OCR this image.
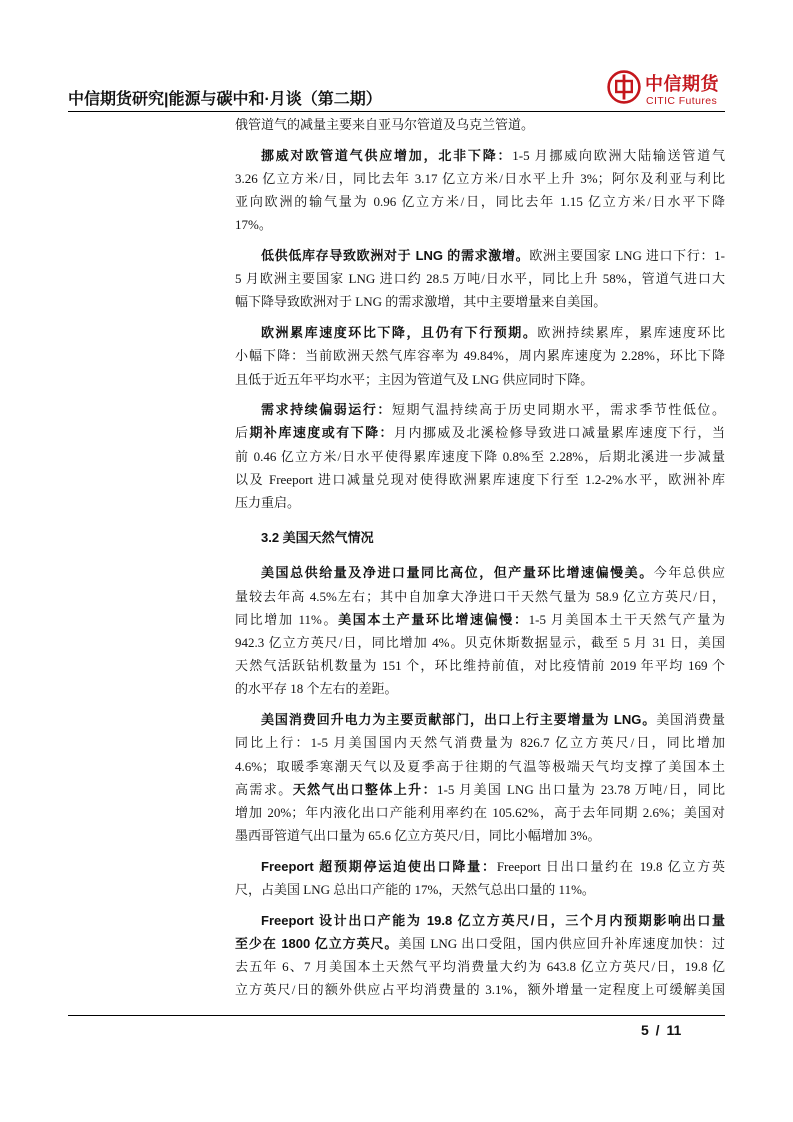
中信期货研究|能源与碳中和·月谈（第二期）
中信期货
CITIC Futures
俄管道气的减量主要来自亚马尔管道及乌克兰管道。
挪威对欧管道气供应增加，北非下降：1-5 月挪威向欧洲大陆输送管道气
3.26 亿立方米/日，同比去年 3.17 亿立方米/日水平上升 3%；阿尔及利亚与利比
亚向欧洲的输气量为 0.96 亿立方米/日，同比去年 1.15 亿立方米/日水平下降
17%。
低供低库存导致欧洲对于 LNG 的需求激增。欧洲主要国家 LNG 进口下行：1-
5 月欧洲主要国家 LNG 进口约 28.5 万吨/日水平，同比上升 58%，管道气进口大
幅下降导致欧洲对于 LNG 的需求激增，其中主要增量来自美国。
欧洲累库速度环比下降，且仍有下行预期。欧洲持续累库，累库速度环比
小幅下降：当前欧洲天然气库容率为 49.84%，周内累库速度为 2.28%，环比下降
且低于近五年平均水平；主因为管道气及 LNG 供应同时下降。
需求持续偏弱运行：短期气温持续高于历史同期水平，需求季节性低位。
后期补库速度或有下降：月内挪威及北溪检修导致进口减量累库速度下行，当
前 0.46 亿立方米/日水平使得累库速度下降 0.8%至 2.28%，后期北溪进一步减量
以及 Freeport 进口减量兑现对使得欧洲累库速度下行至 1.2-2%水平，欧洲补库
压力重启。
3.2 美国天然气情况
美国总供给量及净进口量同比高位，但产量环比增速偏慢美。今年总供应
量较去年高 4.5%左右；其中自加拿大净进口干天然气量为 58.9 亿立方英尺/日，
同比增加 11%。美国本土产量环比增速偏慢：1-5 月美国本土干天然气产量为
942.3 亿立方英尺/日，同比增加 4%。贝克休斯数据显示，截至 5 月 31 日，美国
天然气活跃钻机数量为 151 个，环比维持前值，对比疫情前 2019 年平均 169 个
的水平存 18 个左右的差距。
美国消费回升电力为主要贡献部门，出口上行主要增量为 LNG。美国消费量
同比上行：1-5 月美国国内天然气消费量为 826.7 亿立方英尺/日，同比增加
4.6%；取暖季寒潮天气以及夏季高于往期的气温等极端天气均支撑了美国本土
高需求。天然气出口整体上升：1-5 月美国 LNG 出口量为 23.78 万吨/日，同比
增加 20%；年内液化出口产能利用率约在 105.62%，高于去年同期 2.6%；美国对
墨西哥管道气出口量为 65.6 亿立方英尺/日，同比小幅增加 3%。
Freeport 超预期停运迫使出口降量：Freeport 日出口量约在 19.8 亿立方英
尺，占美国 LNG 总出口产能的 17%，天然气总出口量的 11%。
Freeport 设计出口产能为 19.8 亿立方英尺/日，三个月内预期影响出口量
至少在 1800 亿立方英尺。美国 LNG 出口受阻，国内供应回升补库速度加快：过
去五年 6、7 月美国本土天然气平均消费量大约为 643.8 亿立方英尺/日，19.8 亿
立方英尺/日的额外供应占平均消费量的 3.1%，额外增量一定程度上可缓解美国
5 / 11
